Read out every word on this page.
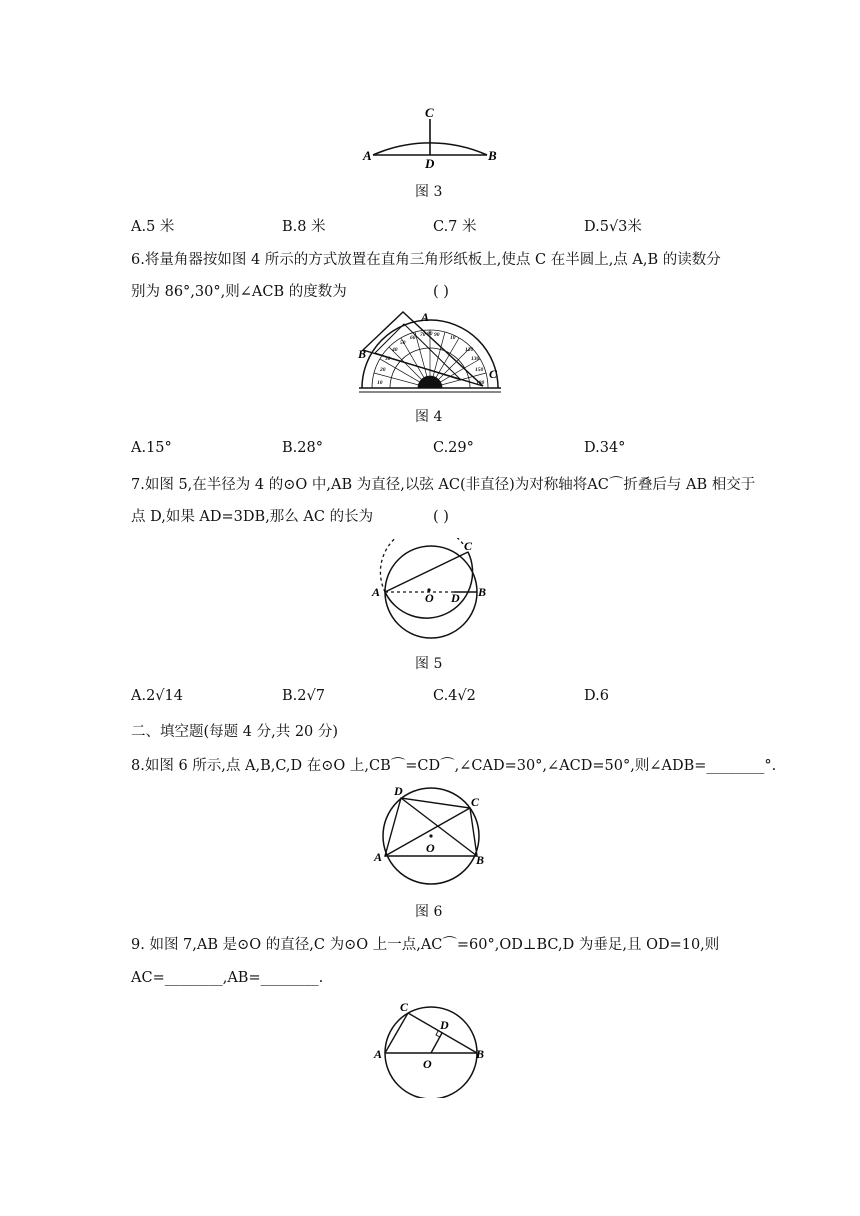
C
A	B
D
图 3
A.5 米	B.8 米	C.7 米	D.5√3米
6.将量角器按如图 4 所示的方式放置在直角三角形纸板上,使点 C 在半圆上,点 A,B 的读数分
别为 86°,30°,则∠ACB 的度数为	( )
10
20
30
40
50
60 70 80 90 10
120
130
150
180
A
B
C
图 4
A.15°	B.28°	C.29°	D.34°
7.如图 5,在半径为 4 的⊙O 中,AB 为直径,以弦 AC(非直径)为对称轴将AC⌒折叠后与 AB 相交于
点 D,如果 AD=3DB,那么 AC 的长为	( )
C
A	B
O D
图 5
A.2√14	B.2√7	C.4√2	D.6
二、填空题(每题 4 分,共 20 分)
8.如图 6 所示,点 A,B,C,D 在⊙O 上,CB⌒=CD⌒,∠CAD=30°,∠ACD=50°,则∠ADB=________°.
D
C
A	B
O
图 6
9. 如图 7,AB 是⊙O 的直径,C 为⊙O 上一点,AC⌒=60°,OD⊥BC,D 为垂足,且 OD=10,则
AC=________,AB=________.
C
D
A	B
O
